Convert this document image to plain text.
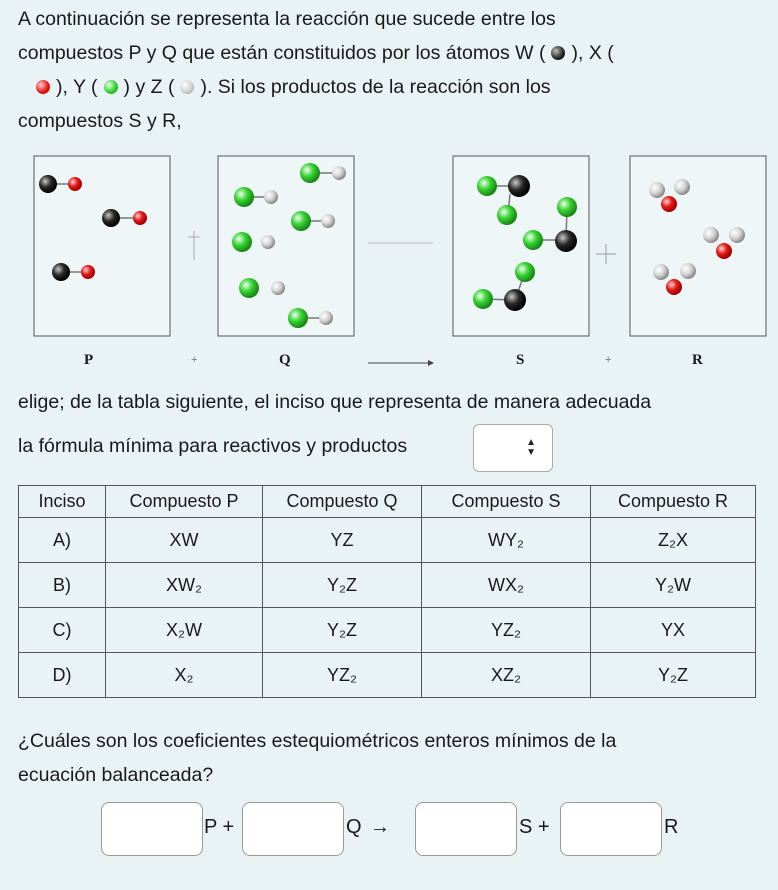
A continuación se representa la reacción que sucede entre los
compuestos P y Q que están constituidos por los átomos W ( ), X (
), Y ( ) y Z ( ). Si los productos de la reacción son los
compuestos S y R,
P	+	Q	S	+	R
elige; de la tabla siguiente, el inciso que representa de manera adecuada
la fórmula mínima para reactivos y productos	▲
▼
Inciso	Compuesto P	Compuesto Q	Compuesto S	Compuesto R
A)	XW	YZ	WY₂	Z₂X
B)	XW₂	Y₂Z	WX₂	Y₂W
C)	X₂W	Y₂Z	YZ₂	YX
D)	X₂	YZ₂	XZ₂	Y₂Z
¿Cuáles son los coeficientes estequiométricos enteros mínimos de la
ecuación balanceada?
P +	Q →	S +	R
